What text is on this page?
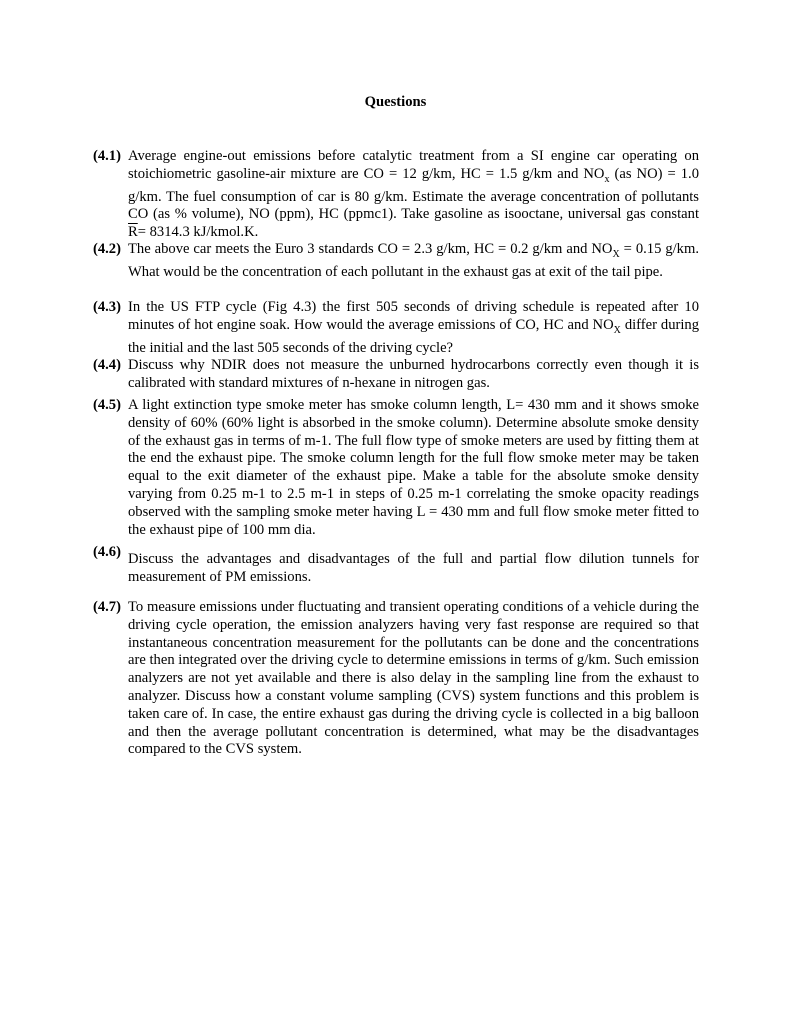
Questions
(4.1) Average engine-out emissions before catalytic treatment from a SI engine car operating on stoichiometric gasoline-air mixture are CO = 12 g/km, HC = 1.5 g/km and $NO_x$ (as NO) = 1.0 g/km. The fuel consumption of car is 80 g/km. Estimate the average concentration of pollutants CO (as % volume), NO (ppm), HC (ppmc1). Take gasoline as isooctane, universal gas constant $\overline{R}= 8314.3$ kJ/kmol.K.
(4.2) The above car meets the Euro 3 standards CO = 2.3 g/km, HC = 0.2 g/km and $NO_X = 0.15$ g/km. What would be the concentration of each pollutant in the exhaust gas at exit of the tail pipe.
(4.3) In the US FTP cycle (Fig 4.3) the first 505 seconds of driving schedule is repeated after 10 minutes of hot engine soak. How would the average emissions of CO, HC and $NO_X$ differ during the initial and the last 505 seconds of the driving cycle?
(4.4) Discuss why NDIR does not measure the unburned hydrocarbons correctly even though it is calibrated with standard mixtures of n-hexane in nitrogen gas.
(4.5) A light extinction type smoke meter has smoke column length, L= 430 mm and it shows smoke density of 60% (60% light is absorbed in the smoke column). Determine absolute smoke density of the exhaust gas in terms of m-1. The full flow type of smoke meters are used by fitting them at the end the exhaust pipe. The smoke column length for the full flow smoke meter may be taken equal to the exit diameter of the exhaust pipe. Make a table for the absolute smoke density varying from 0.25 m-1 to 2.5 m-1 in steps of 0.25 m-1 correlating the smoke opacity readings observed with the sampling smoke meter having L = 430 mm and full flow smoke meter fitted to the exhaust pipe of 100 mm dia.
(4.6) Discuss the advantages and disadvantages of the full and partial flow dilution tunnels for measurement of PM emissions.
(4.7) To measure emissions under fluctuating and transient operating conditions of a vehicle during the driving cycle operation, the emission analyzers having very fast response are required so that instantaneous concentration measurement for the pollutants can be done and the concentrations are then integrated over the driving cycle to determine emissions in terms of g/km. Such emission analyzers are not yet available and there is also delay in the sampling line from the exhaust to analyzer. Discuss how a constant volume sampling (CVS) system functions and this problem is taken care of. In case, the entire exhaust gas during the driving cycle is collected in a big balloon and then the average pollutant concentration is determined, what may be the disadvantages compared to the CVS system.
